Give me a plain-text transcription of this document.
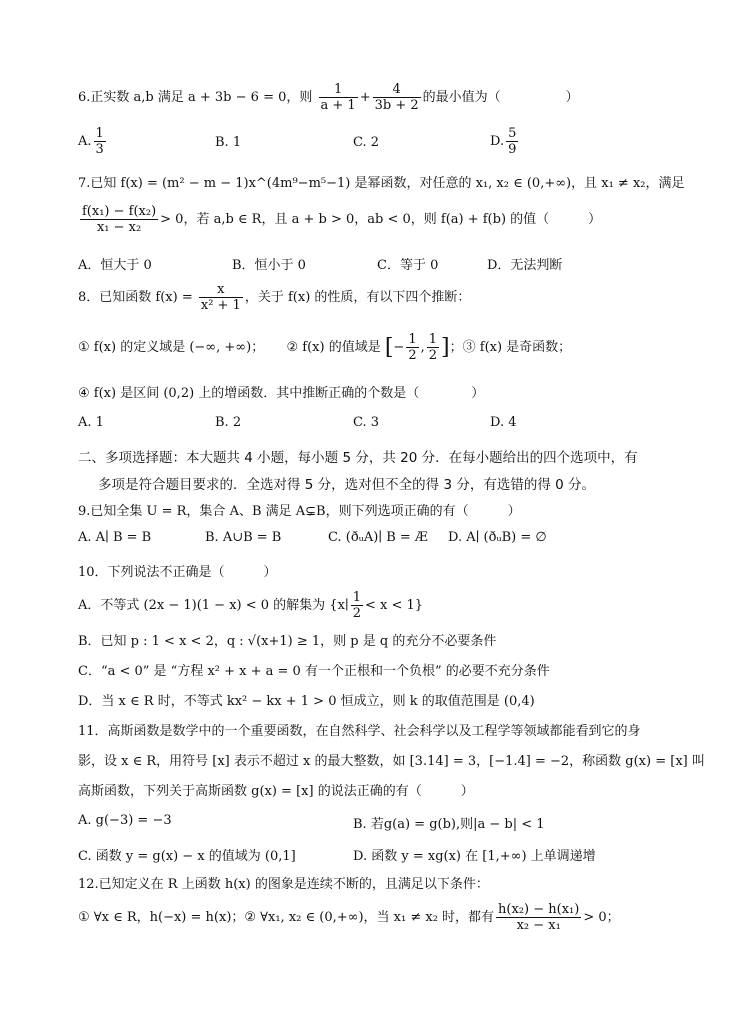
6.正实数 a,b 满足 a + 3b − 6 = 0，则 $\frac{1}{a + 1} + \frac{4}{3b + 2}$ 的最小值为（　　　　　）
A. $\frac{1}{3}$	B. 1	C. 2	D. $\frac{5}{9}$
7.已知 f(x) = (m² − m − 1)x^(4m⁹−m⁵−1) 是幂函数，对任意的 x₁, x₂ ∈ (0,+∞)，且 x₁ ≠ x₂，满足
$\frac{\text{f(x₁) − f(x₂)}}{\text{x₁ − x₂}} > 0$，若 a,b ∈ R，且 a + b > 0，ab < 0，则 f(a) + f(b) 的值（　　　）
A．恒大于 0	B．恒小于 0	C．等于 0	D．无法判断
8．已知函数 $f(x) = \frac{x}{\text{x² + 1}}$ ，关于 f(x) 的性质，有以下四个推断：
① f(x) 的定义域是 (−∞, +∞)； ② f(x) 的值域是 [− $\frac{1}{2}$ , $\frac{1}{2}$ ]；③ f(x) 是奇函数；
④ f(x) 是区间 (0,2) 上的增函数．其中推断正确的个数是（　　　　）
A. 1	B. 2	C. 3	D. 4
二、多项选择题：本大题共 4 小题，每小题 5 分，共 20 分．在每小题给出的四个选项中，有
多项是符合题目要求的．全选对得 5 分，选对但不全的得 3 分，有选错的得 0 分。
9.已知全集 U = R，集合 A、B 满足 A⊊B，则下列选项正确的有（　　　）
A. A∣ B = B	B. A∪B = B	C. (ðᵤA)∣ B = Æ D. A∣ (ðᵤB) = ∅
10．下列说法不正确是（　　　）
A．不等式 (2x − 1)(1 − x) < 0 的解集为 {x∣ $\frac{1}{2} < x < 1$}
B．已知 p : 1 < x < 2，q : √(x+1) ≥ 1，则 p 是 q 的充分不必要条件
C．“a < 0” 是 “方程 x² + x + a = 0 有一个正根和一个负根” 的必要不充分条件
D．当 x ∈ R 时，不等式 kx² − kx + 1 > 0 恒成立，则 k 的取值范围是 (0,4)
11．高斯函数是数学中的一个重要函数，在自然科学、社会科学以及工程学等领域都能看到它的身
影，设 x ∈ R，用符号 [x] 表示不超过 x 的最大整数，如 [3.14] = 3，[−1.4] = −2，称函数 g(x) = [x] 叫
高斯函数，下列关于高斯函数 g(x) = [x] 的说法正确的有（　　　）
A. g(−3) = −3	B. 若g(a) = g(b),则|a − b| < 1
C. 函数 y = g(x) − x 的值域为 (0,1]	D. 函数 y = xg(x) 在 [1,+∞) 上单调递增
12.已知定义在 R 上函数 h(x) 的图象是连续不断的，且满足以下条件：
① ∀x ∈ R，h(−x) = h(x)；② ∀x₁, x₂ ∈ (0,+∞)，当 x₁ ≠ x₂ 时，都有 $\frac{\text{h(x₂) − h(x₁)}}{\text{x₂ − x₁}} > 0$；
